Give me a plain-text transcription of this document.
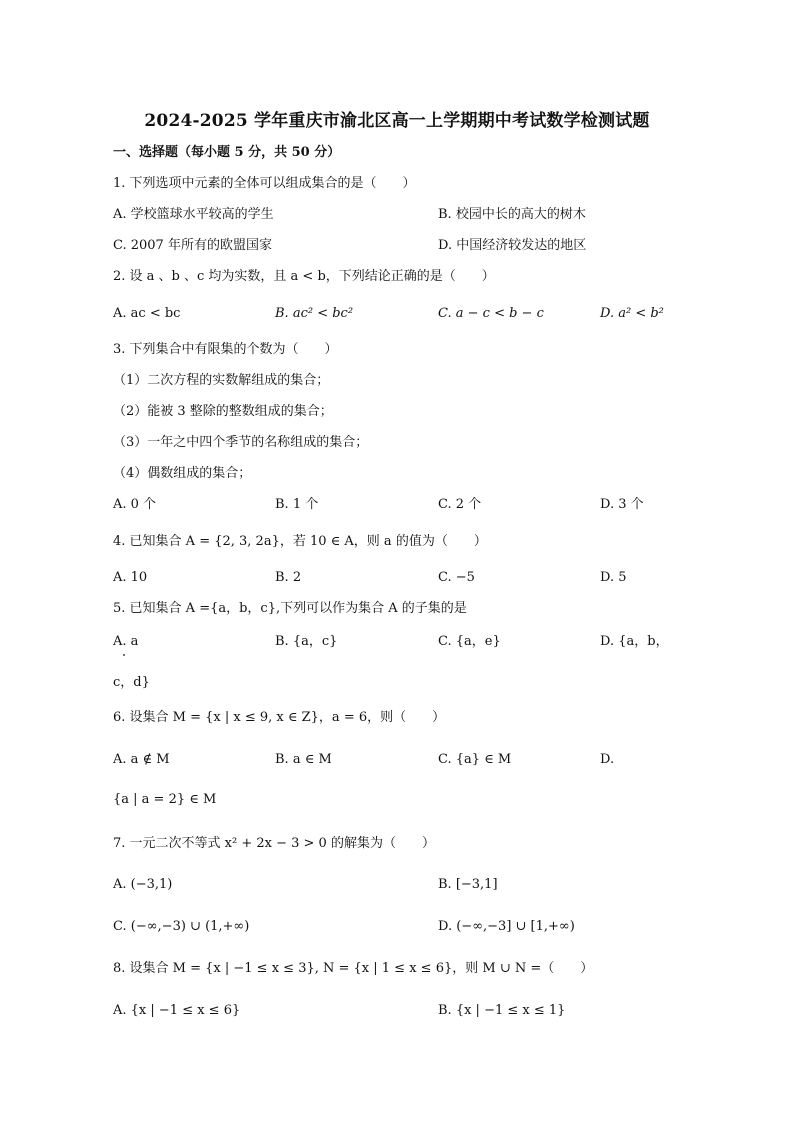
2024-2025 学年重庆市渝北区高一上学期期中考试数学检测试题
一、选择题（每小题 5 分，共 50 分）
1. 下列选项中元素的全体可以组成集合的是（　　）
A. 学校篮球水平较高的学生	B. 校园中长的高大的树木
C. 2007 年所有的欧盟国家	D. 中国经济较发达的地区
2. 设 a 、b 、c 均为实数，且 a < b，下列结论正确的是（　　）
A. ac < bc	B. ac² < bc²	C. a − c < b − c	D. a² < b²
3. 下列集合中有限集的个数为（　　）
（1）二次方程的实数解组成的集合；
（2）能被 3 整除的整数组成的集合；
（3）一年之中四个季节的名称组成的集合；
（4）偶数组成的集合；
A. 0 个	B. 1 个	C. 2 个	D. 3 个
4. 已知集合 A = {2, 3, 2a}，若 10 ∈ A，则 a 的值为（　　）
A. 10	B. 2	C. −5	D. 5
5. 已知集合 A ={a，b，c},下列可以作为集合 A 的子集的是
A. a	B. {a，c}	C. {a，e}	D. {a，b，
c，d}
6. 设集合 M = {x | x ≤ 9, x ∈ Z}，a = 6，则（　　）
A. a ∉ M	B. a ∈ M	C. {a} ∈ M	D.
{a | a = 2} ∈ M
7. 一元二次不等式 x² + 2x − 3 > 0 的解集为（　　）
A. (−3,1)	B. [−3,1]
C. (−∞,−3) ∪ (1,+∞)	D. (−∞,−3] ∪ [1,+∞)
8. 设集合 M = {x | −1 ≤ x ≤ 3}, N = {x | 1 ≤ x ≤ 6}，则 M ∪ N =（　　）
A. {x | −1 ≤ x ≤ 6}	B. {x | −1 ≤ x ≤ 1}
